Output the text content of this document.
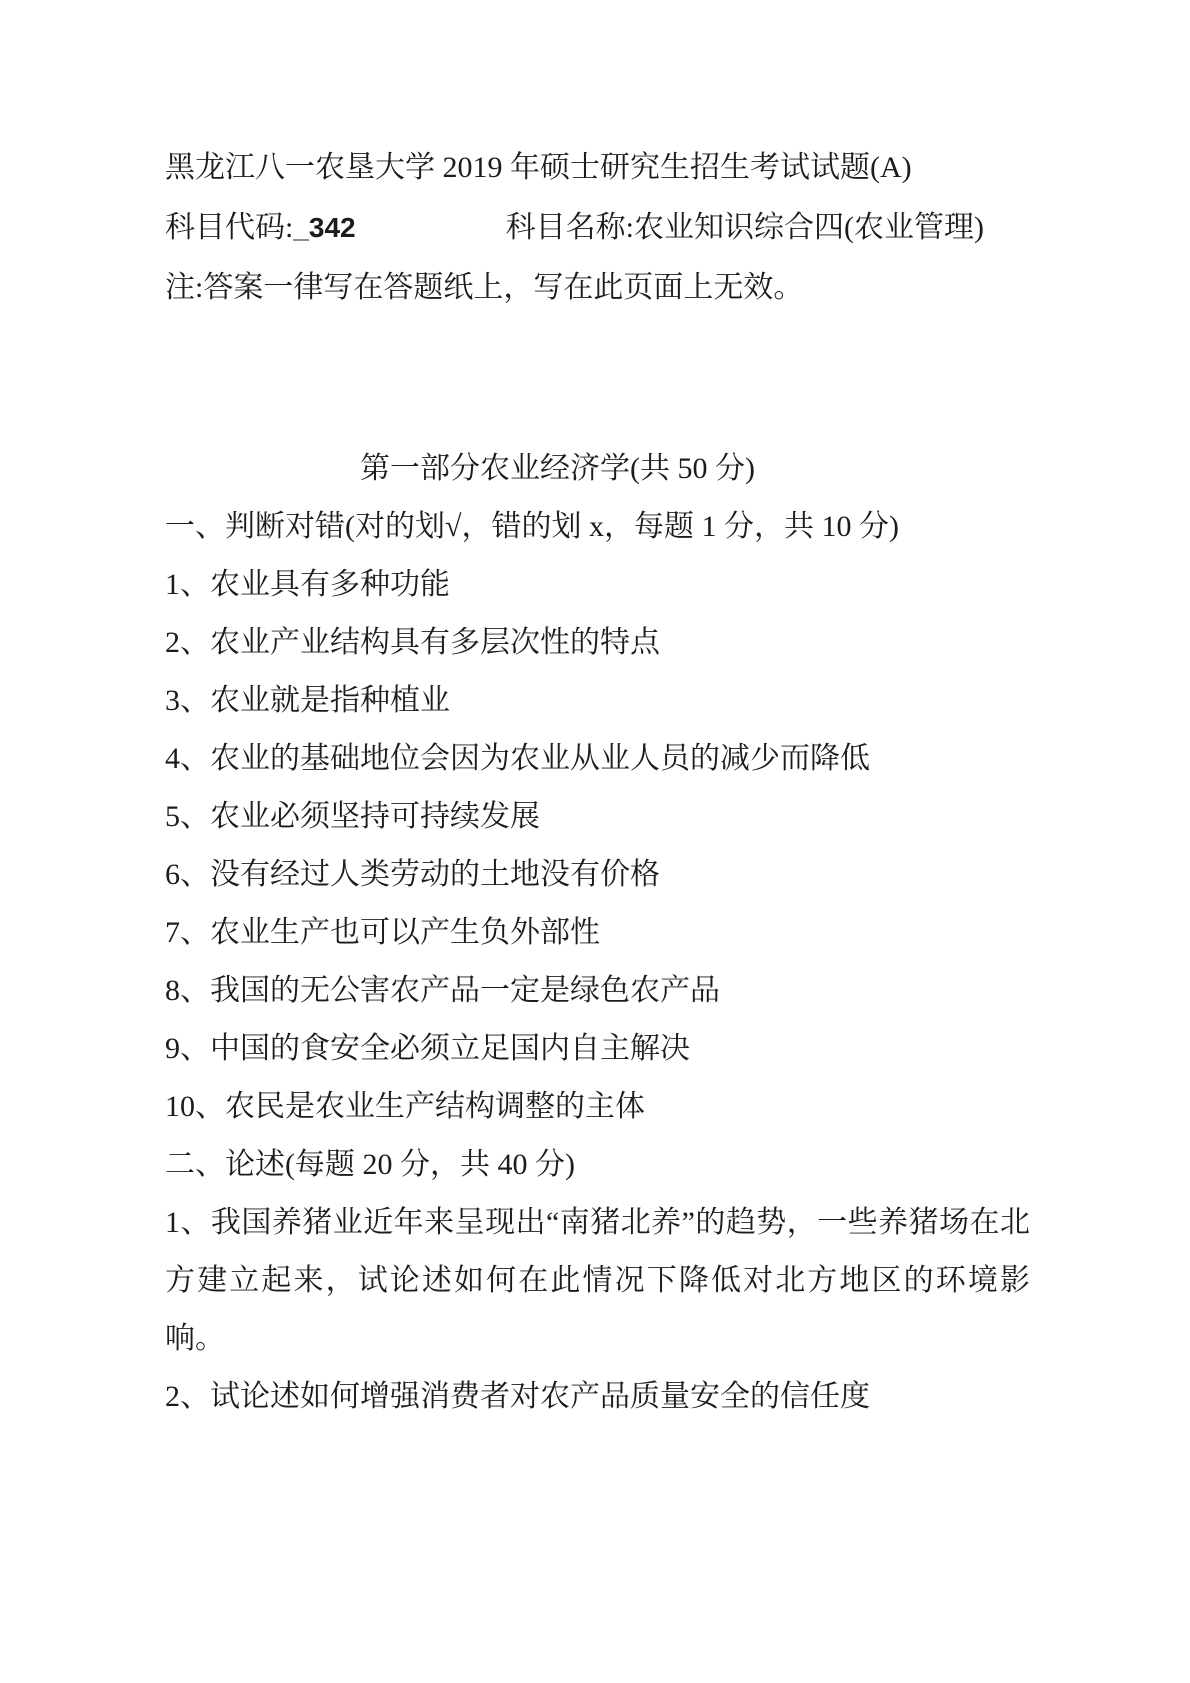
黑龙江八一农垦大学 2019 年硕士研究生招生考试试题(A)

科目代码:_342	科目名称:农业知识综合四(农业管理)

注:答案一律写在答题纸上，写在此页面上无效。

第一部分农业经济学(共 50 分)

一、判断对错(对的划√，错的划 x，每题 1 分，共 10 分)

1、农业具有多种功能

2、农业产业结构具有多层次性的特点

3、农业就是指种植业

4、农业的基础地位会因为农业从业人员的减少而降低

5、农业必须坚持可持续发展

6、没有经过人类劳动的土地没有价格

7、农业生产也可以产生负外部性

8、我国的无公害农产品一定是绿色农产品

9、中国的食安全必须立足国内自主解决

10、农民是农业生产结构调整的主体

二、论述(每题 20 分，共 40 分)

1、我国养猪业近年来呈现出“南猪北养”的趋势，一些养猪场在北方建立起来，试论述如何在此情况下降低对北方地区的环境影响。

2、试论述如何增强消费者对农产品质量安全的信任度
